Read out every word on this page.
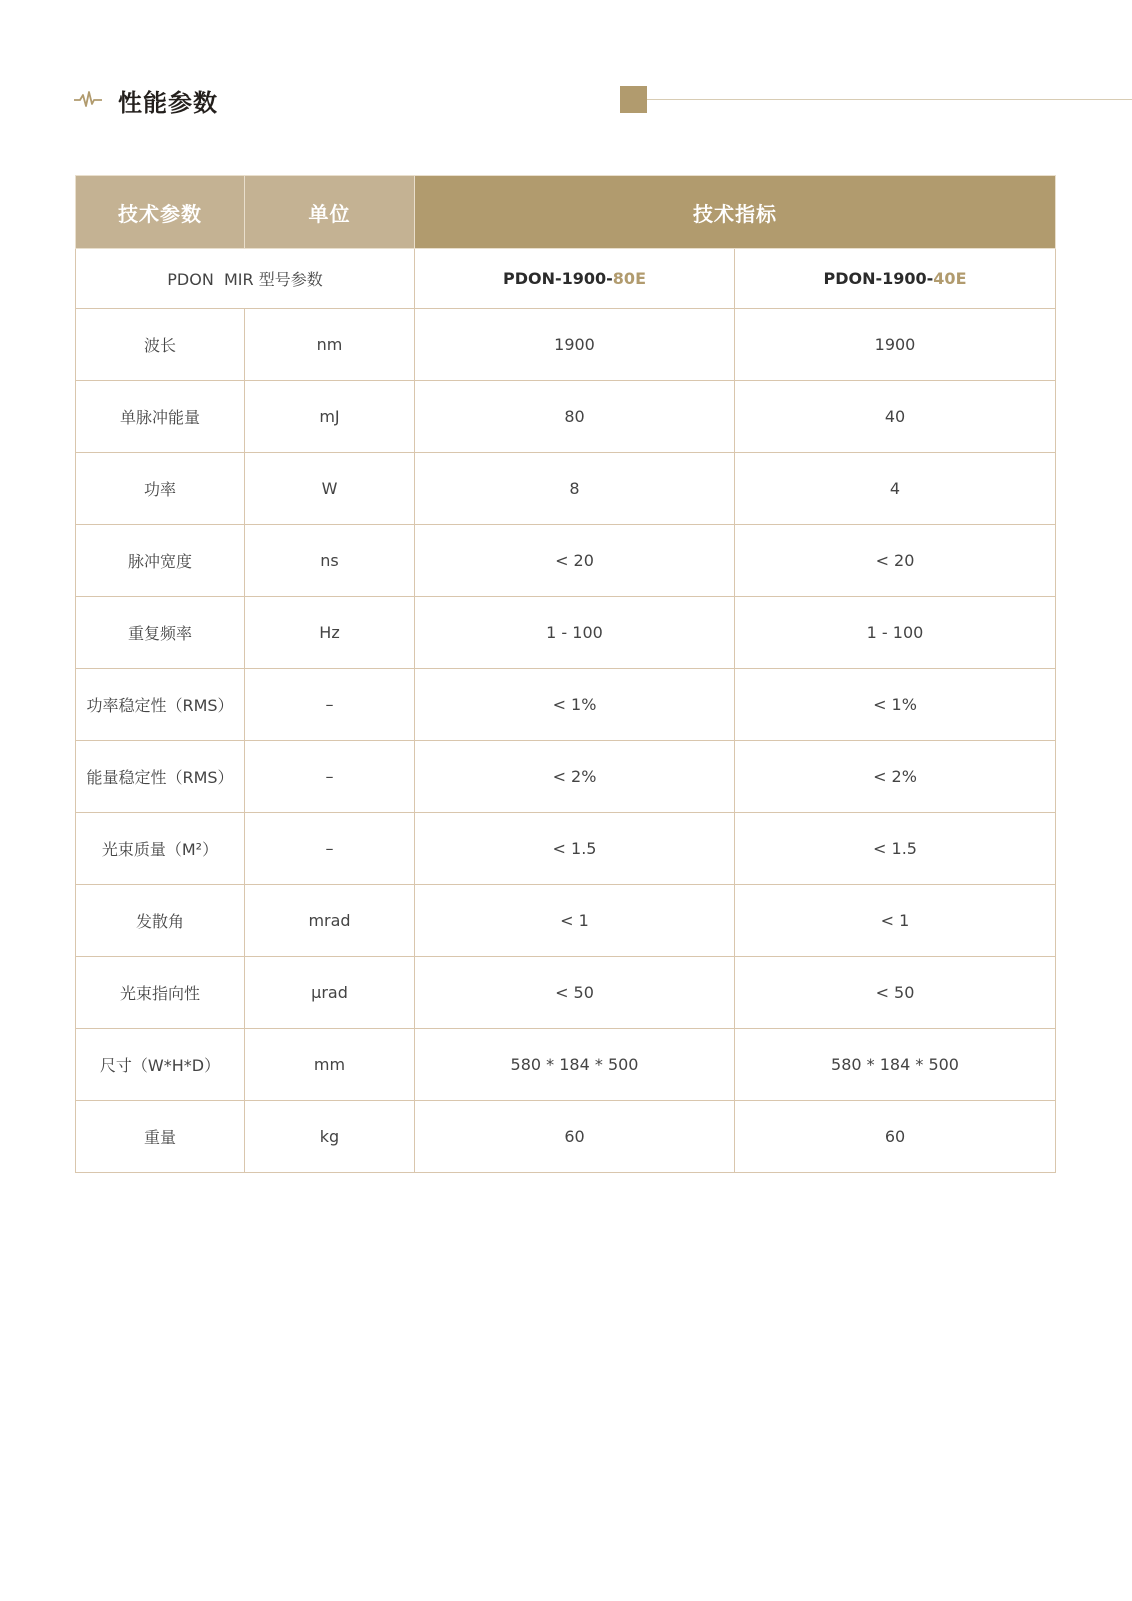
性能参数
技术参数	单位	技术指标	
PDON  MIR 型号参数		PDON-1900-80E	PDON-1900-40E
波长	nm	1900	1900
单脉冲能量	mJ	80	40
功率	W	8	4
脉冲宽度	ns	< 20	< 20
重复频率	Hz	1 - 100	1 - 100
功率稳定性（RMS）	–	< 1%	< 1%
能量稳定性（RMS）	–	< 2%	< 2%
光束质量（M²）	–	< 1.5	< 1.5
发散角	mrad	< 1	< 1
光束指向性	μrad	< 50	< 50
尺寸（W*H*D）	mm	580 * 184 * 500	580 * 184 * 500
重量	kg	60	60
